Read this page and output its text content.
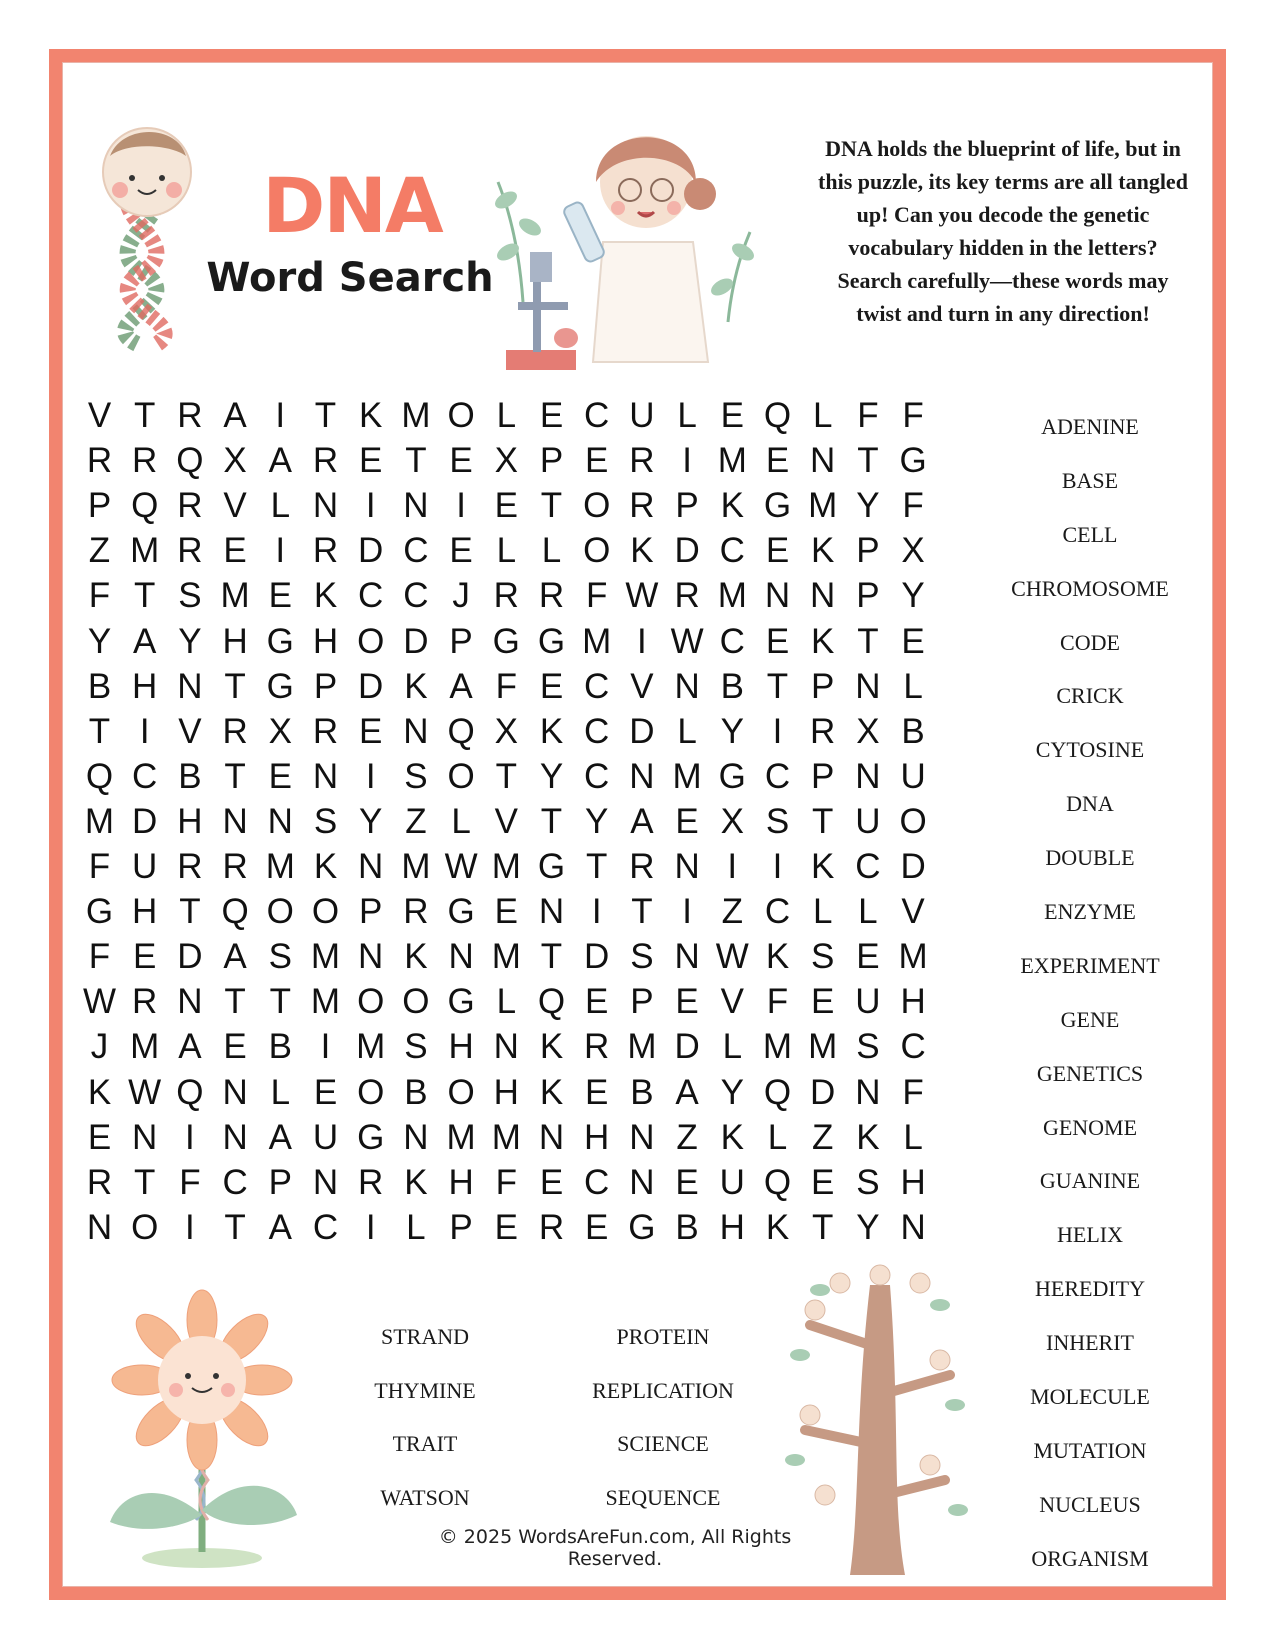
DNA
Word Search
DNA holds the blueprint of life, but in this puzzle, its key terms are all tangled up! Can you decode the genetic vocabulary hidden in the letters? Search carefully—these words may twist and turn in any direction!
V T R A I T K M O L E C U L E Q L F F
R R Q X A R E T E X P E R I M E N T G
P Q R V L N I N I E T O R P K G M Y F
Z M R E I R D C E L L O K D C E K P X
F T S M E K C C J R R F W R M N N P Y
Y A Y H G H O D P G G M I W C E K T E
B H N T G P D K A F E C V N B T P N L
T I V R X R E N Q X K C D L Y I R X B
Q C B T E N I S O T Y C N M G C P N U
M D H N N S Y Z L V T Y A E X S T U O
F U R R M K N M W M G T R N I	I K C D
G H T Q O O P R G E N I T I Z C L L V
F E D A S M N K N M T D S N W K S E M
W R N T T M O O G L Q E P E V F E U H
J M A E B I M S H N K R M D L M M S C
K W Q N L E O B O H K E B A Y Q D N F
E N I N A U G N M M N H N Z K L Z K L
R T F C P N R K H F E C N E U Q E S H
N O I T A C I L P E R E G B H K T Y N
ADENINE
BASE
CELL
CHROMOSOME
CODE
CRICK
CYTOSINE
DNA
DOUBLE
ENZYME
EXPERIMENT
GENE
GENETICS
GENOME
GUANINE
HELIX
HEREDITY
INHERIT
MOLECULE
MUTATION
NUCLEUS
ORGANISM
STRAND
THYMINE
TRAIT
WATSON
PROTEIN
REPLICATION
SCIENCE
SEQUENCE
© 2025 WordsAreFun.com, All Rights Reserved.
